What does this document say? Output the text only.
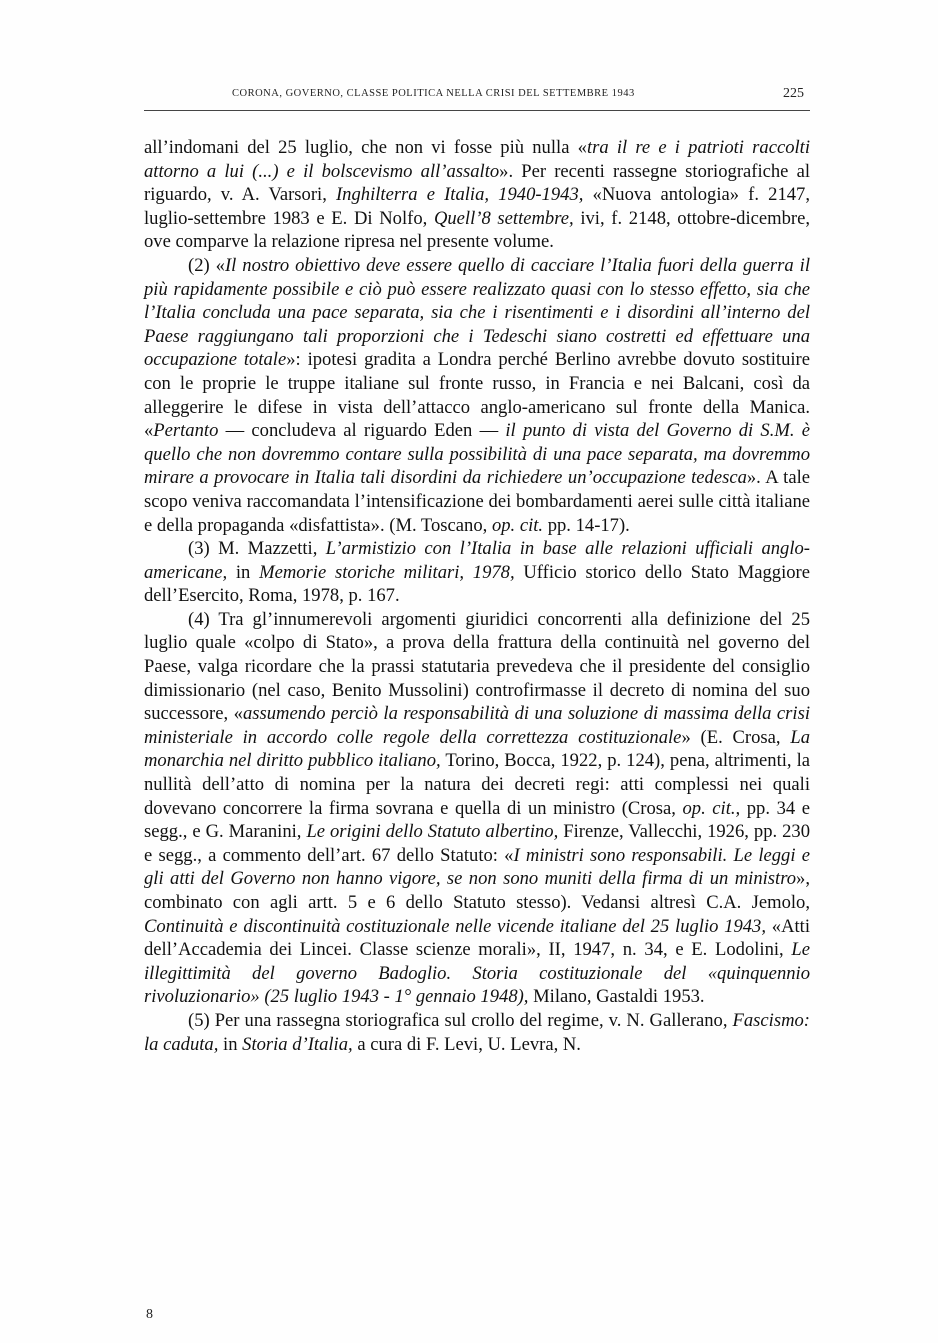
CORONA, GOVERNO, CLASSE POLITICA NELLA CRISI DEL SETTEMBRE 1943	225

all’indomani del 25 luglio, che non vi fosse più nulla «tra il re e i patrioti raccolti attorno a lui (...) e il bolscevismo all’assalto». Per recenti rassegne storiografiche al riguardo, v. A. Varsori, Inghilterra e Italia, 1940-1943, «Nuova antologia» f. 2147, luglio-settembre 1983 e E. Di Nolfo, Quell’8 settembre, ivi, f. 2148, ottobre-dicembre, ove comparve la relazione ripresa nel presente volume.

(2) «Il nostro obiettivo deve essere quello di cacciare l’Italia fuori della guerra il più rapidamente possibile e ciò può essere realizzato quasi con lo stesso effetto, sia che l’Italia concluda una pace separata, sia che i risentimenti e i disordini all’interno del Paese raggiungano tali proporzioni che i Tedeschi siano costretti ed effettuare una occupazione totale»: ipotesi gradita a Londra perché Berlino avrebbe dovuto sostituire con le proprie le truppe italiane sul fronte russo, in Francia e nei Balcani, così da alleggerire le difese in vista dell’attacco anglo-americano sul fronte della Manica. «Pertanto — concludeva al riguardo Eden — il punto di vista del Governo di S.M. è quello che non dovremmo contare sulla possibilità di una pace separata, ma dovremmo mirare a provocare in Italia tali disordini da richiedere un’occupazione tedesca». A tale scopo veniva raccomandata l’intensificazione dei bombardamenti aerei sulle città italiane e della propaganda «disfattista». (M. Toscano, op. cit. pp. 14-17).

(3) M. Mazzetti, L’armistizio con l’Italia in base alle relazioni ufficiali anglo-americane, in Memorie storiche militari, 1978, Ufficio storico dello Stato Maggiore dell’Esercito, Roma, 1978, p. 167.

(4) Tra gl’innumerevoli argomenti giuridici concorrenti alla definizione del 25 luglio quale «colpo di Stato», a prova della frattura della continuità nel governo del Paese, valga ricordare che la prassi statutaria prevedeva che il presidente del consiglio dimissionario (nel caso, Benito Mussolini) controfirmasse il decreto di nomina del suo successore, «assumendo perciò la responsabilità di una soluzione di massima della crisi ministeriale in accordo colle regole della correttezza costituzionale» (E. Crosa, La monarchia nel diritto pubblico italiano, Torino, Bocca, 1922, p. 124), pena, altrimenti, la nullità dell’atto di nomina per la natura dei decreti regi: atti complessi nei quali dovevano concorrere la firma sovrana e quella di un ministro (Crosa, op. cit., pp. 34 e segg., e G. Maranini, Le origini dello Statuto albertino, Firenze, Vallecchi, 1926, pp. 230 e segg., a commento dell’art. 67 dello Statuto: «I ministri sono responsabili. Le leggi e gli atti del Governo non hanno vigore, se non sono muniti della firma di un ministro», combinato con agli artt. 5 e 6 dello Statuto stesso). Vedansi altresì C.A. Jemolo, Continuità e discontinuità costituzionale nelle vicende italiane del 25 luglio 1943, «Atti dell’Accademia dei Lincei. Classe scienze morali», II, 1947, n. 34, e E. Lodolini, Le illegittimità del governo Badoglio. Storia costituzionale del «quinquennio rivoluzionario» (25 luglio 1943 - 1° gennaio 1948), Milano, Gastaldi 1953.

(5) Per una rassegna storiografica sul crollo del regime, v. N. Gallerano, Fascismo: la caduta, in Storia d’Italia, a cura di F. Levi, U. Levra, N.

8
